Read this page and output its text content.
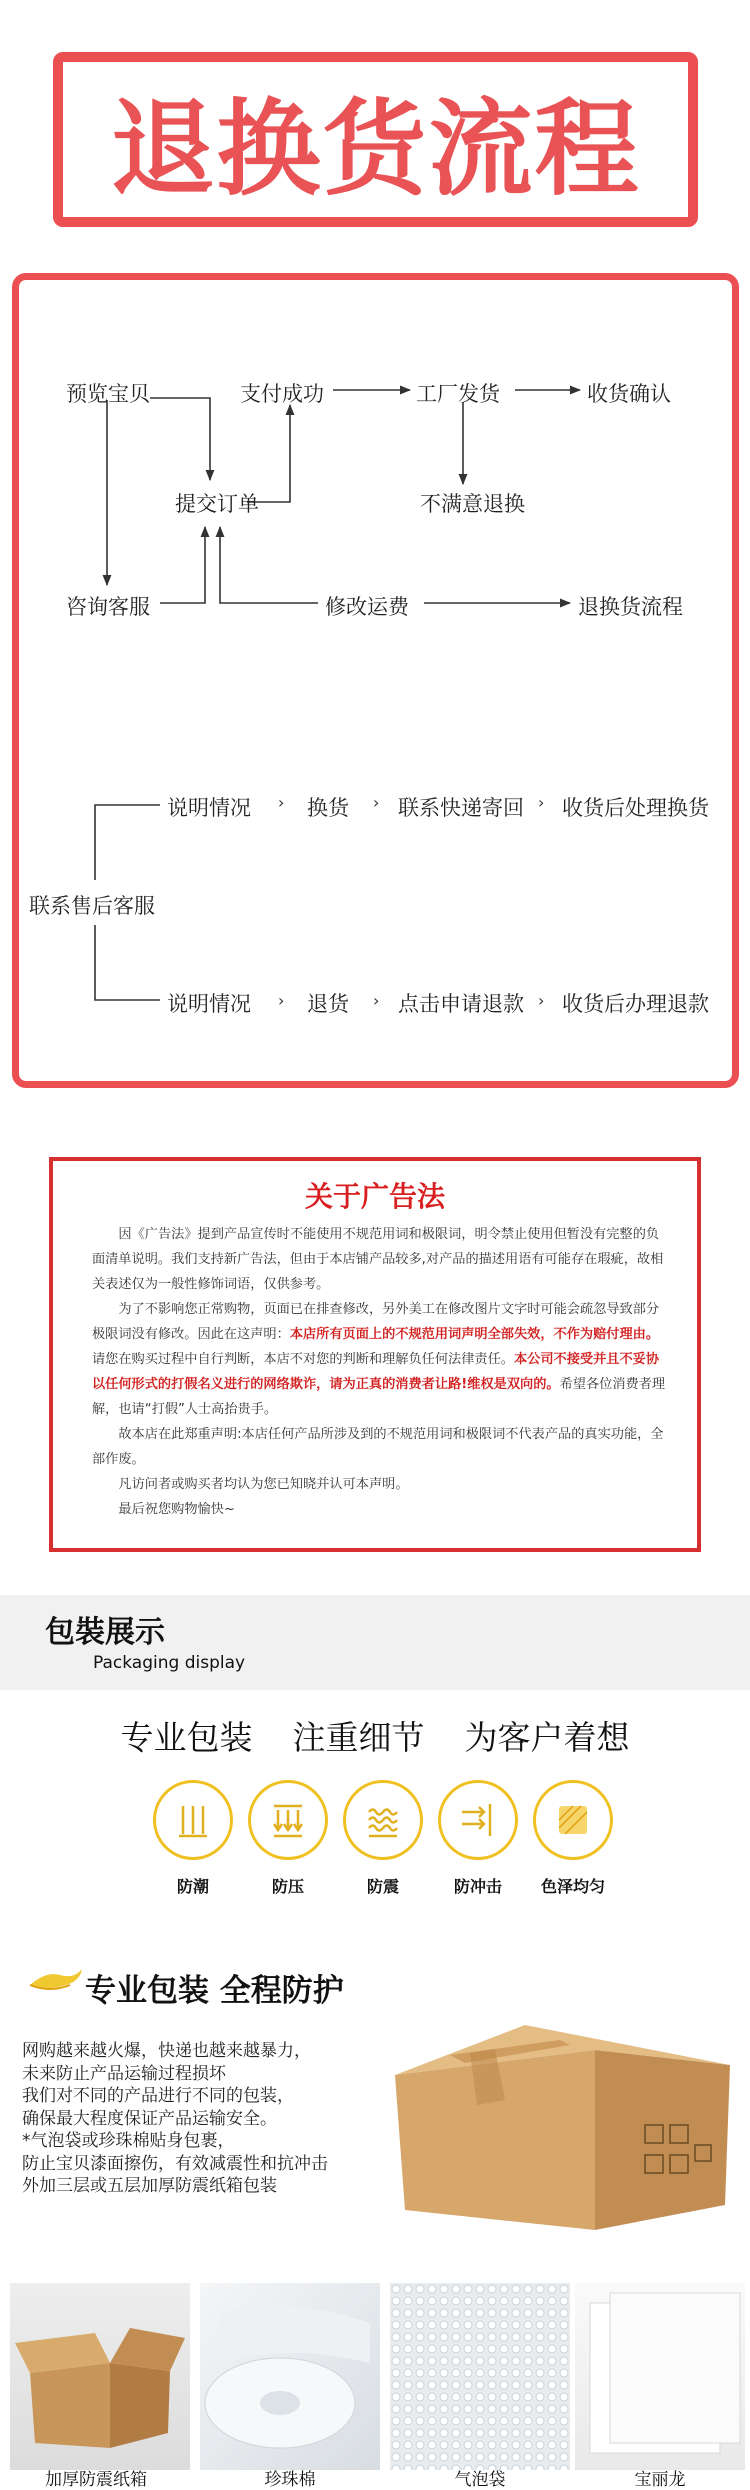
退换货流程
›	›	›
›	›	›
预览宝贝	支付成功	工厂发货	收货确认
提交订单	不满意退换
咨询客服	修改运费	退换货流程
联系售后客服
说明情况	换货 联系快递寄回 收货后处理换货
说明情况	退货 点击申请退款 收货后办理退款
关于广告法

因《广告法》提到产品宣传时不能使用不规范用词和极限词，明令禁止使用但暂没有完整的负面清单说明。我们支持新广告法，但由于本店铺产品较多,对产品的描述用语有可能存在瑕疵，故相关表述仅为一般性修饰词语，仅供参考。

为了不影响您正常购物，页面已在排查修改，另外美工在修改图片文字时可能会疏忽导致部分极限词没有修改。因此在这声明：本店所有页面上的不规范用词声明全部失效，不作为赔付理由。请您在购买过程中自行判断，本店不对您的判断和理解负任何法律责任。本公司不接受并且不妥协以任何形式的打假名义进行的网络欺诈，请为正真的消费者让路!维权是双向的。希望各位消费者理解，也请“打假”人士高抬贵手。

故本店在此郑重声明:本店任何产品所涉及到的不规范用词和极限词不代表产品的真实功能，全部作废。

凡访问者或购买者均认为您已知晓并认可本声明。

最后祝您购物愉快~

包裝展示
Packaging display
专业包装 注重细节 为客户着想
防潮	防压	防震	防冲击	色泽均匀
专业包装 全程防护
网购越来越火爆，快递也越来越暴力，
未来防止产品运输过程损坏
我们对不同的产品进行不同的包装，
确保最大程度保证产品运输安全。
*气泡袋或珍珠棉贴身包裹，
防止宝贝漆面擦伤，有效减震性和抗冲击
外加三层或五层加厚防震纸箱包装
加厚防震纸箱	珍珠棉	气泡袋	宝丽龙
